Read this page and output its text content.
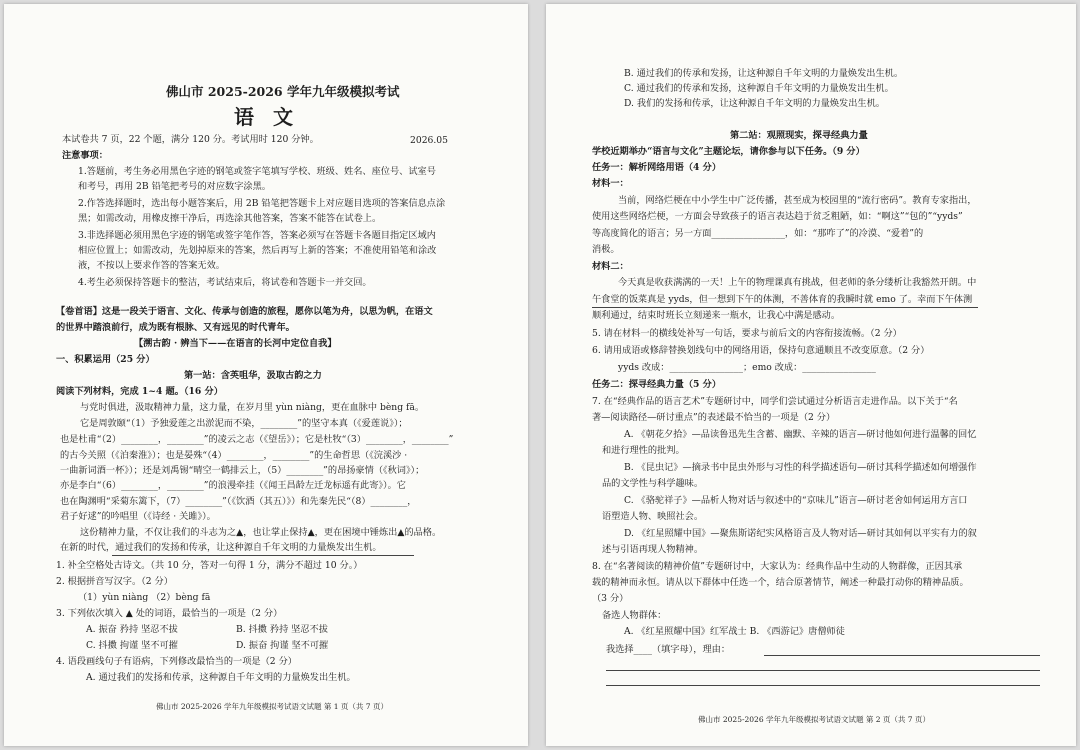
佛山市 2025-2026 学年九年级模拟考试
语 文
本试卷共 7 页，22 个题，满分 120 分。考试用时 120 分钟。	2026.05
注意事项：
1.答题前，考生务必用黑色字迹的钢笔或签字笔填写学校、班级、姓名、座位号、试室号
和考号，再用 2B 铅笔把考号的对应数字涂黑。
2.作答选择题时，选出每小题答案后，用 2B 铅笔把答题卡上对应题目选项的答案信息点涂
黑；如需改动，用橡皮擦干净后，再选涂其他答案，答案不能答在试卷上。
3.非选择题必须用黑色字迹的钢笔或签字笔作答，答案必须写在答题卡各题目指定区域内
相应位置上；如需改动，先划掉原来的答案，然后再写上新的答案；不准使用铅笔和涂改
液，不按以上要求作答的答案无效。
4.考生必须保持答题卡的整洁，考试结束后，将试卷和答题卡一并交回。
【卷首语】这是一段关于语言、文化、传承与创造的旅程，愿你以笔为舟，以思为帆，在语文
的世界中踏浪前行，成为既有根脉、又有远见的时代青年。
【溯古韵 · 辨当下——在语言的长河中定位自我】
一、积累运用（25 分）
第一站：含英咀华，汲取古韵之力
阅读下列材料，完成 1~4 题。（16 分）
与党时俱进，汲取精神力量，这力量，在岁月里 yùn niàng，更在血脉中 bèng fā。
它是周敦颐“（1）予独爱莲之出淤泥而不染，________”的坚守本真（《爱莲说》）；
也是杜甫“（2）________，________”的凌云之志（《望岳》）；它是杜牧“（3）________，________”
的古今关照（《泊秦淮》）；也是晏殊“（4）________，________”的生命哲思（《浣溪沙 ·
一曲新词酒一杯》）；还是刘禹锡“晴空一鹤排云上，（5）________”的昂扬豪情（《秋词》）；
亦是李白“（6）________，________”的浪漫牵挂（《闻王昌龄左迁龙标遥有此寄》）。它
也在陶渊明“采菊东篱下，（7）________”（《饮酒（其五）》）和先秦先民“（8）________，
君子好逑”的吟唱里（《诗经 · 关雎》）。
这份精神力量，不仅让我们的斗志为之▲，也让掌止保持▲，更在困境中锤炼出▲的品格。
在新的时代，通过我们的发扬和传承，让这种源自千年文明的力量焕发出生机。
1. 补全空格处古诗文。（共 10 分，答对一句得 1 分，满分不超过 10 分。）
2. 根据拼音写汉字。（2 分）
（1）yùn niàng （2）bèng fā
3. 下列依次填入 ▲ 处的词语，最恰当的一项是（2 分）
A. 振奋 矜持 坚忍不拔	B. 抖擞 矜持 坚忍不拔
C. 抖擞 拘谨 坚不可摧	D. 振奋 拘谨 坚不可摧
4. 语段画线句子有语病，下列修改最恰当的一项是（2 分）
A. 通过我们的发扬和传承，这种源自千年文明的力量焕发出生机。
佛山市 2025-2026 学年九年级模拟考试语文试题 第 1 页（共 7 页）
B. 通过我们的传承和发扬，让这种源自千年文明的力量焕发出生机。
C. 通过我们的传承和发扬，这种源自千年文明的力量焕发出生机。
D. 我们的发扬和传承，让这种源自千年文明的力量焕发出生机。
第二站：观照现实，探寻经典力量
学校近期举办“语言与文化”主题论坛，请你参与以下任务。（9 分）
任务一：解析网络用语（4 分）
材料一：
当前，网络烂梗在中小学生中广泛传播，甚至成为校园里的“流行密码”。教育专家指出，
使用这些网络烂梗，一方面会导致孩子的语言表达趋于贫乏粗陋，如：“啊这”“包的”“yyds”
等高度简化的语言；另一方面________________，如：“那咋了”的冷漠、“爱着”的
消极。
材料二：
今天真是收获满满的一天！上午的物理课真有挑战，但老师的条分缕析让我豁然开朗。中
午食堂的饭菜真是 yyds，但一想到下午的体测，不善体育的我瞬时就 emo 了。幸而下午体测
顺利通过，结束时班长立刻递来一瓶水，让我心中满是感动。
5. 请在材料一的横线处补写一句话，要求与前后文的内容衔接流畅。（2 分）
6. 请用成语或修辞替换划线句中的网络用语，保持句意通顺且不改变原意。（2 分）
yyds 改成：________________；emo 改成：________________
任务二：探寻经典力量（5 分）
7. 在“经典作品的语言艺术”专题研讨中，同学们尝试通过分析语言走进作品。以下关于“名
著—阅读路径—研讨重点”的表述最不恰当的一项是（2 分）
A. 《朝花夕拾》—品读鲁迅先生含蓄、幽默、辛辣的语言—研讨他如何进行温馨的回忆
和进行理性的批判。
B. 《昆虫记》—摘录书中昆虫外形与习性的科学描述语句—研讨其科学描述如何增强作
品的文学性与科学趣味。
C. 《骆驼祥子》—品析人物对话与叙述中的“京味儿”语言—研讨老舍如何运用方言口
语塑造人物、映照社会。
D. 《红星照耀中国》—聚焦斯诺纪实风格语言及人物对话—研讨其如何以平实有力的叙
述与引语再现人物精神。
8. 在“名著阅读的精神价值”专题研讨中，大家认为：经典作品中生动的人物群像，正因其承
载的精神而永恒。请从以下群体中任选一个，结合原著情节，阐述一种最打动你的精神品质。
（3 分）
备选人物群体：
A. 《红星照耀中国》红军战士 B. 《西游记》唐僧师徒
我选择____（填字母），理由：
佛山市 2025-2026 学年九年级模拟考试语文试题 第 2 页（共 7 页）
